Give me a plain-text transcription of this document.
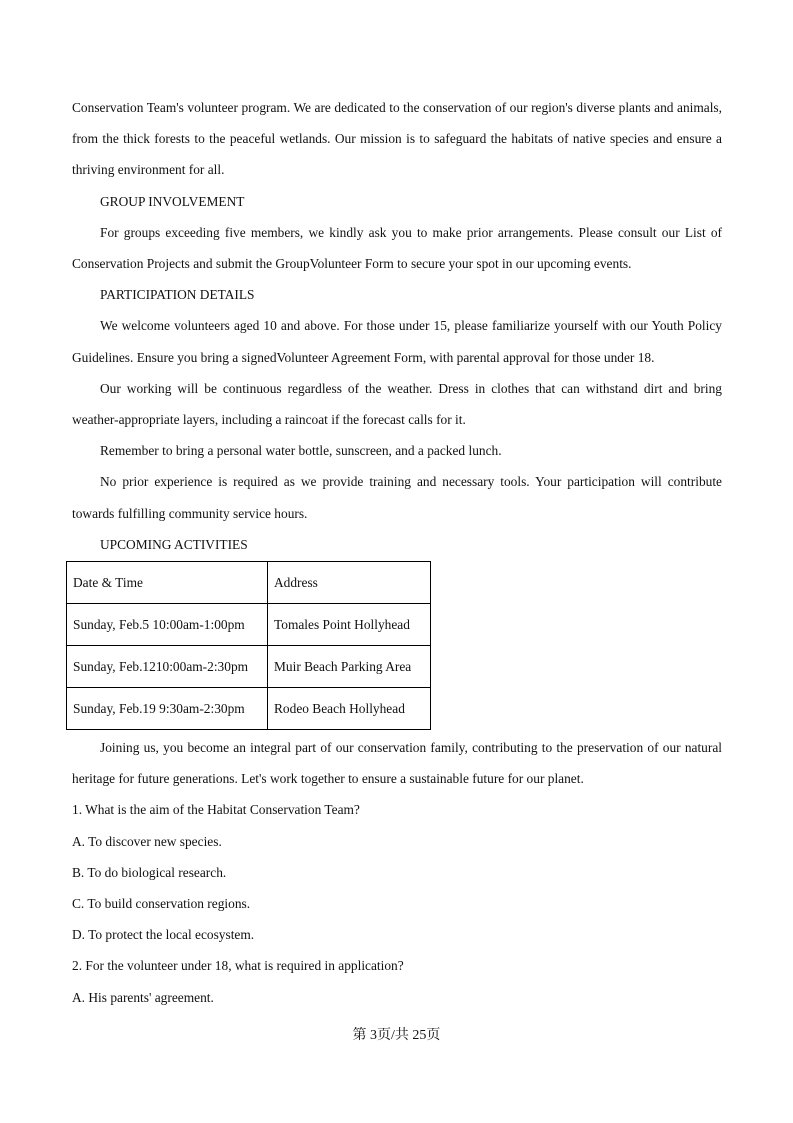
Conservation Team's volunteer program. We are dedicated to the conservation of our region's diverse plants and animals, from the thick forests to the peaceful wetlands. Our mission is to safeguard the habitats of native species and ensure a thriving environment for all.

GROUP INVOLVEMENT

For groups exceeding five members, we kindly ask you to make prior arrangements. Please consult our List of Conservation Projects and submit the GroupVolunteer Form to secure your spot in our upcoming events.

PARTICIPATION DETAILS

We welcome volunteers aged 10 and above. For those under 15, please familiarize yourself with our Youth Policy Guidelines. Ensure you bring a signedVolunteer Agreement Form, with parental approval for those under 18.

Our working will be continuous regardless of the weather. Dress in clothes that can withstand dirt and bring weather-appropriate layers, including a raincoat if the forecast calls for it.

Remember to bring a personal water bottle, sunscreen, and a packed lunch.

No prior experience is required as we provide training and necessary tools. Your participation will contribute towards fulfilling community service hours.

UPCOMING ACTIVITIES

Date & Time	Address
Sunday, Feb.5 10:00am-1:00pm	Tomales Point Hollyhead
Sunday, Feb.1210:00am-2:30pm	Muir Beach Parking Area
Sunday, Feb.19 9:30am-2:30pm	Rodeo Beach Hollyhead

Joining us, you become an integral part of our conservation family, contributing to the preservation of our natural heritage for future generations. Let's work together to ensure a sustainable future for our planet.

1. What is the aim of the Habitat Conservation Team?

A. To discover new species.

B. To do biological research.

C. To build conservation regions.

D. To protect the local ecosystem.

2. For the volunteer under 18, what is required in application?

A. His parents' agreement.

第 3页/共 25页
